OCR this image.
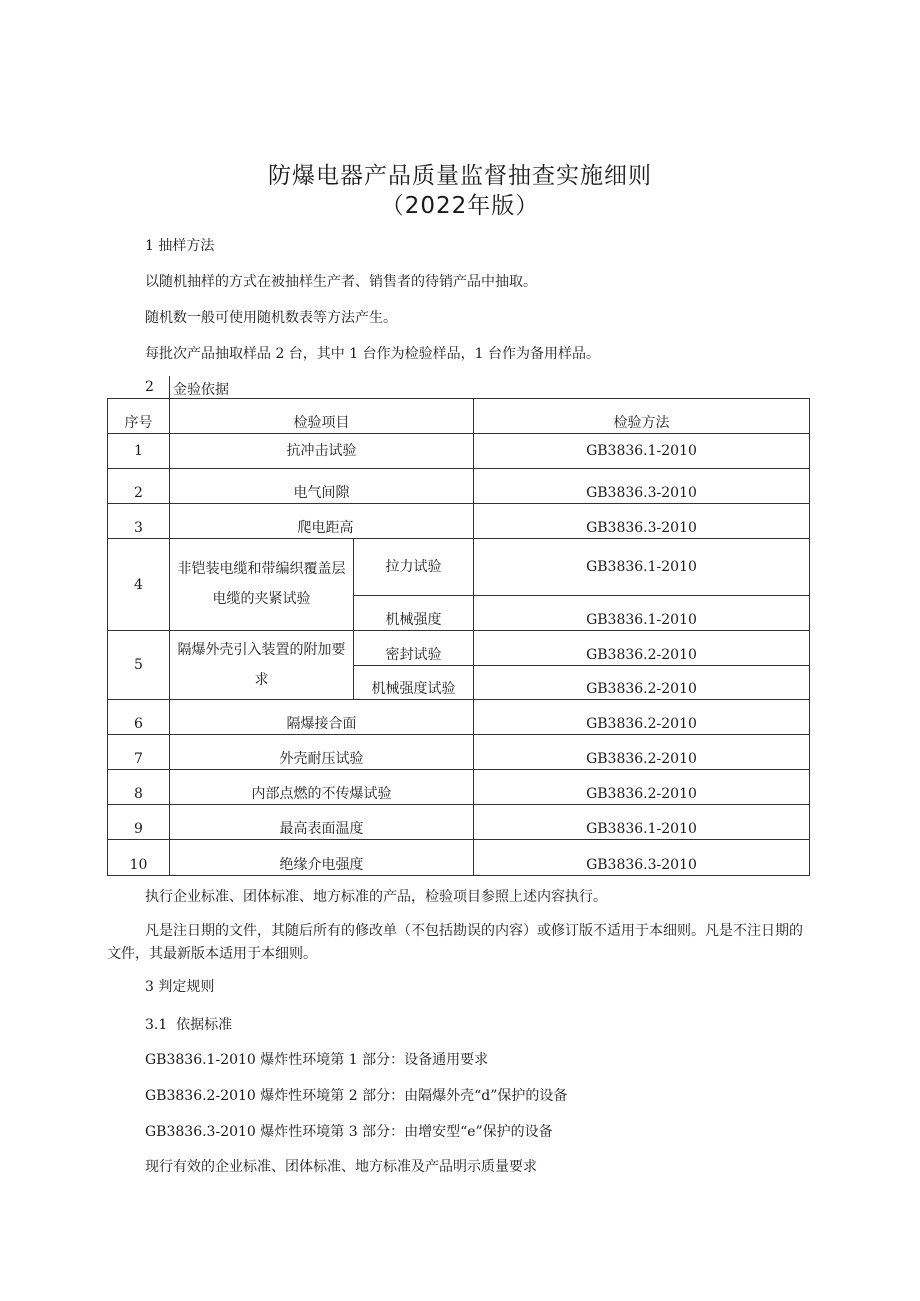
防爆电器产品质量监督抽查实施细则
（2022年版）
1 抽样方法
以随机抽样的方式在被抽样生产者、销售者的待销产品中抽取。
随机数一般可使用随机数表等方法产生。
每批次产品抽取样品 2 台，其中 1 台作为检验样品，1 台作为备用样品。
2 金验依据
序号	检验项目		检验方法
1	抗冲击试验		GB3836.1-2010
2	电气间隙		GB3836.3-2010
3	爬电距高		GB3836.3-2010
4	非铠装电缆和带编织覆盖层电缆的夹紧试验	拉力试验	GB3836.1-2010
		机械强度	GB3836.1-2010
5	隔爆外壳引入装置的附加要求	密封试验	GB3836.2-2010
		机械强度试验	GB3836.2-2010
6	隔爆接合面		GB3836.2-2010
7	外壳耐压试验		GB3836.2-2010
8	内部点燃的不传爆试验		GB3836.2-2010
9	最高表面温度		GB3836.1-2010
10	绝缘介电强度		GB3836.3-2010
执行企业标准、团体标准、地方标准的产品，检验项目参照上述内容执行。
凡是注日期的文件，其随后所有的修改单（不包括勘误的内容）或修订版不适用于本细则。凡是不注日期的文件，其最新版本适用于本细则。
3 判定规则
3.1  依据标准
GB3836.1-2010 爆炸性环境第 1 部分：设备通用要求
GB3836.2-2010 爆炸性环境第 2 部分：由隔爆外壳“d”保护的设备
GB3836.3-2010 爆炸性环境第 3 部分：由增安型“e”保护的设备
现行有效的企业标准、团体标准、地方标准及产品明示质量要求
